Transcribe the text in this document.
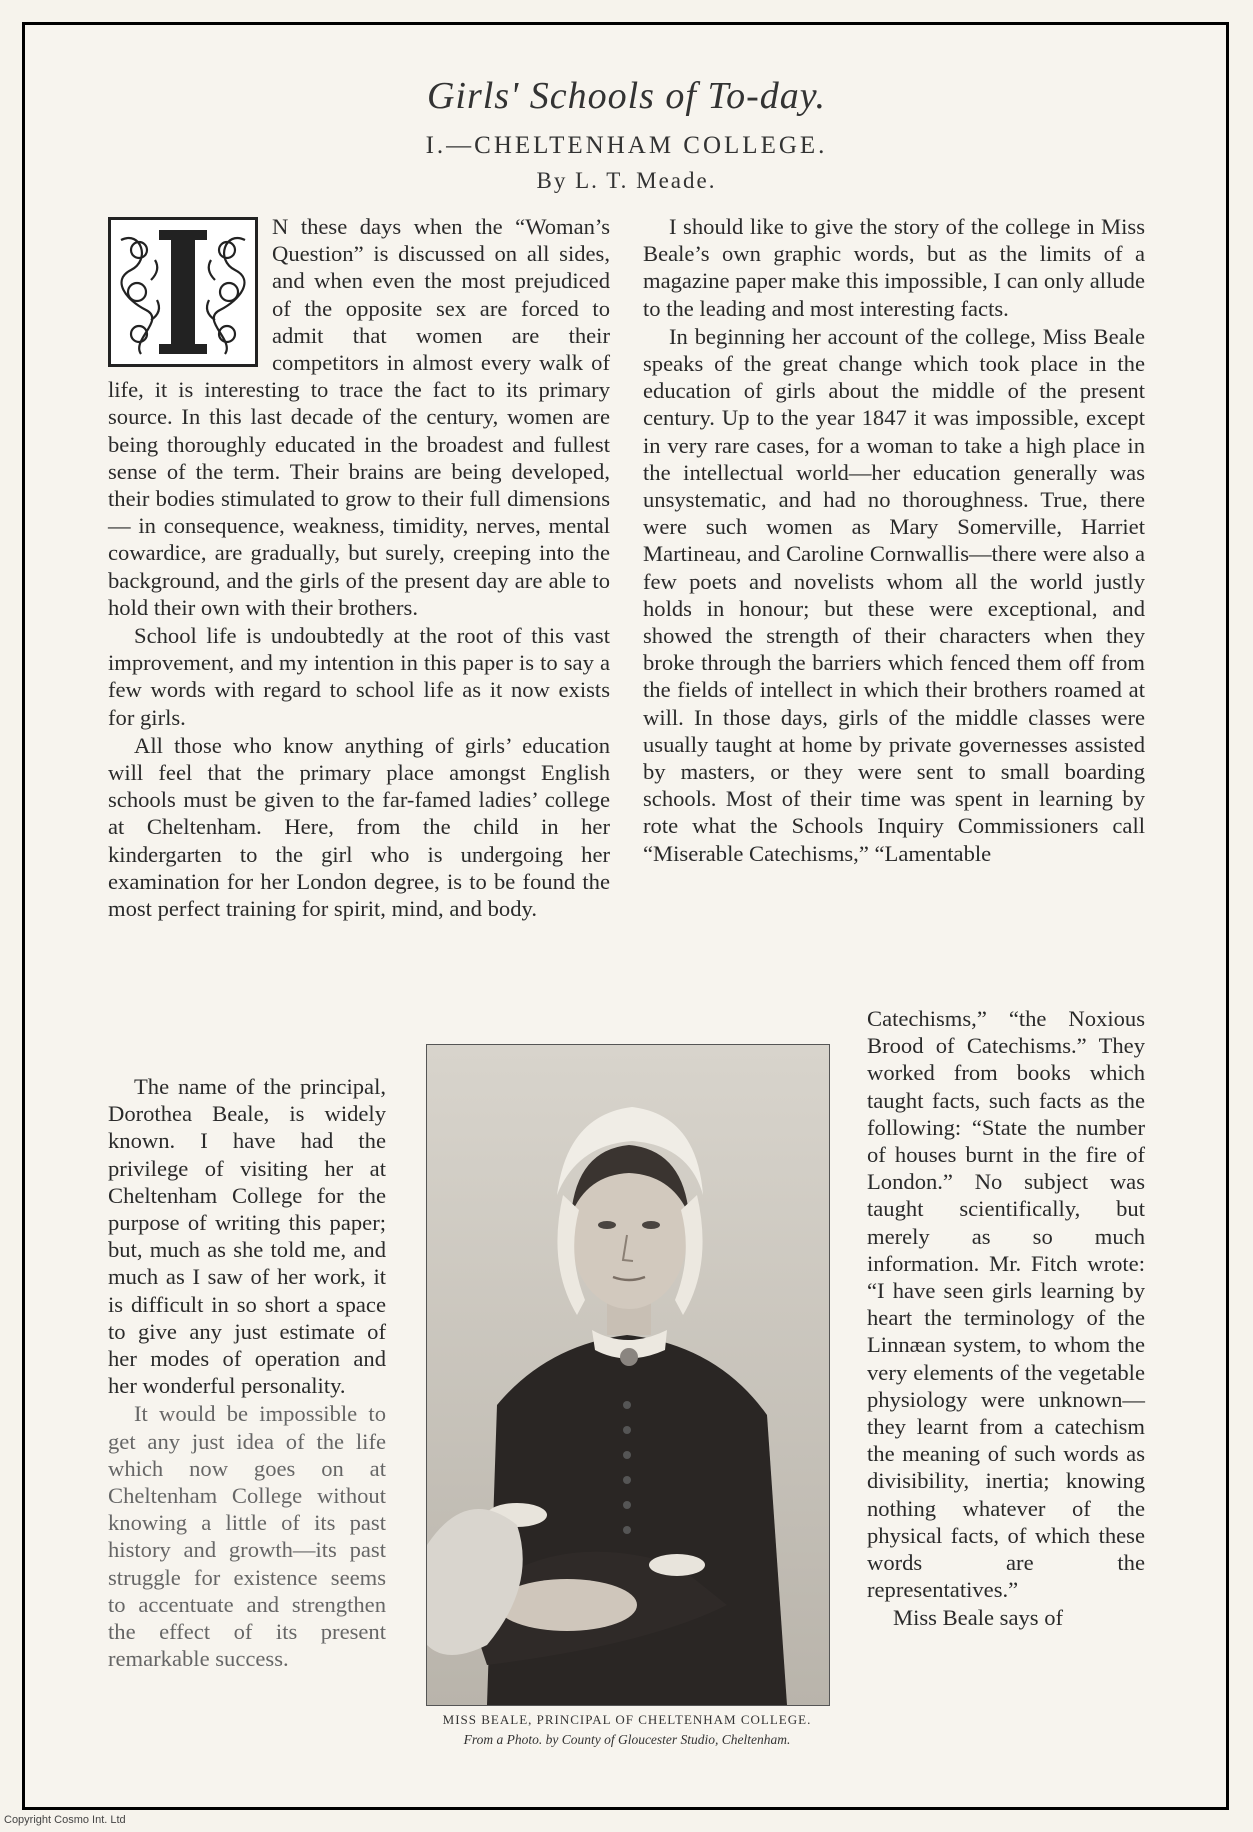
Girls' Schools of To-day.
I.—CHELTENHAM COLLEGE.
By L. T. Meade.

N these days when the “Woman’s Question” is discussed on all sides, and when even the most prejudiced of the opposite sex are forced to admit that women are their competitors in almost every walk of life, it is interesting to trace the fact to its primary source. In this last decade of the century, women are being thoroughly educated in the broadest and fullest sense of the term. Their brains are being developed, their bodies stimulated to grow to their full dimensions — in consequence, weakness, timidity, nerves, mental cowardice, are gradually, but surely, creeping into the background, and the girls of the present day are able to hold their own with their brothers.

School life is undoubtedly at the root of this vast improvement, and my intention in this paper is to say a few words with regard to school life as it now exists for girls.

All those who know anything of girls’ education will feel that the primary place amongst English schools must be given to the far-famed ladies’ college at Cheltenham. Here, from the child in her kindergarten to the girl who is undergoing her examination for her London degree, is to be found the most perfect training for spirit, mind, and body.

The name of the principal, Dorothea Beale, is widely known. I have had the privilege of visiting her at Cheltenham College for the purpose of writing this paper; but, much as she told me, and much as I saw of her work, it is difficult in so short a space to give any just estimate of her modes of operation and her wonderful personality.

It would be impossible to get any just idea of the life which now goes on at Cheltenham College without knowing a little of its past history and growth—its past struggle for existence seems to accentuate and strengthen the effect of its present remarkable success.

I should like to give the story of the college in Miss Beale’s own graphic words, but as the limits of a magazine paper make this impossible, I can only allude to the leading and most interesting facts.

In beginning her account of the college, Miss Beale speaks of the great change which took place in the education of girls about the middle of the present century. Up to the year 1847 it was impossible, except in very rare cases, for a woman to take a high place in the intellectual world—her education generally was unsystematic, and had no thoroughness. True, there were such women as Mary Somerville, Harriet Martineau, and Caroline Cornwallis—there were also a few poets and novelists whom all the world justly holds in honour; but these were exceptional, and showed the strength of their characters when they broke through the barriers which fenced them off from the fields of intellect in which their brothers roamed at will. In those days, girls of the middle classes were usually taught at home by private governesses assisted by masters, or they were sent to small boarding schools. Most of their time was spent in learning by rote what the Schools Inquiry Commissioners call “Miserable Catechisms,” “Lamentable

Catechisms,” “the Noxious Brood of Catechisms.” They worked from books which taught facts, such facts as the following: “State the number of houses burnt in the fire of London.” No subject was taught scientifically, but merely as so much information. Mr. Fitch wrote: “I have seen girls learning by heart the terminology of the Linnæan system, to whom the very elements of the vegetable physiology were unknown—they learnt from a catechism the meaning of such words as divisibility, inertia; knowing nothing whatever of the physical facts, of which these words are the representatives.”

Miss Beale says of

MISS BEALE, PRINCIPAL OF CHELTENHAM COLLEGE.
From a Photo. by County of Gloucester Studio, Cheltenham.
Copyright Cosmo Int. Ltd
